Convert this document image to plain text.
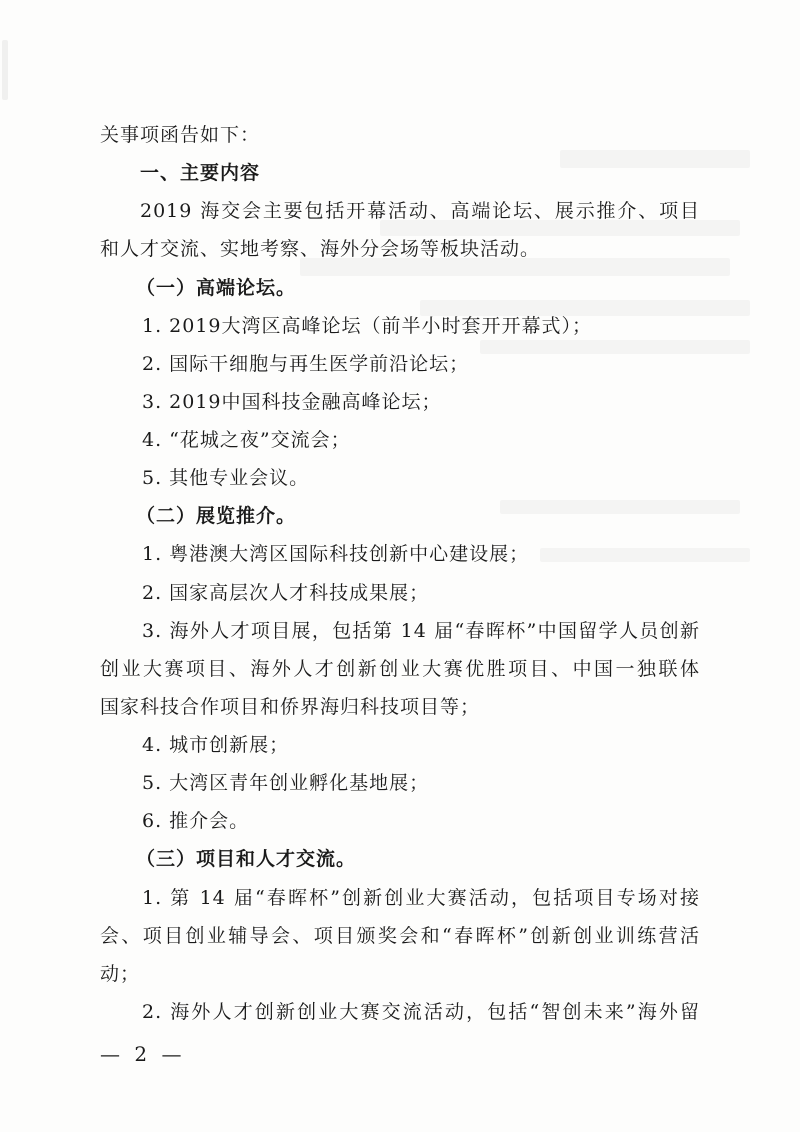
关事项函告如下：
一、主要内容
2019 海交会主要包括开幕活动、高端论坛、展示推介、项目
和人才交流、实地考察、海外分会场等板块活动。
（一）高端论坛。
1. 2019大湾区高峰论坛（前半小时套开开幕式）；
2. 国际干细胞与再生医学前沿论坛；
3. 2019中国科技金融高峰论坛；
4. “花城之夜”交流会；
5. 其他专业会议。
（二）展览推介。
1. 粤港澳大湾区国际科技创新中心建设展；
2. 国家高层次人才科技成果展；
3. 海外人才项目展，包括第 14 届“春晖杯”中国留学人员创新
创业大赛项目、海外人才创新创业大赛优胜项目、中国一独联体
国家科技合作项目和侨界海归科技项目等；
4. 城市创新展；
5. 大湾区青年创业孵化基地展；
6. 推介会。
（三）项目和人才交流。
1. 第 14 届“春晖杯”创新创业大赛活动，包括项目专场对接
会、项目创业辅导会、项目颁奖会和“春晖杯”创新创业训练营活
动；
2. 海外人才创新创业大赛交流活动，包括“智创未来”海外留
— 2 —
